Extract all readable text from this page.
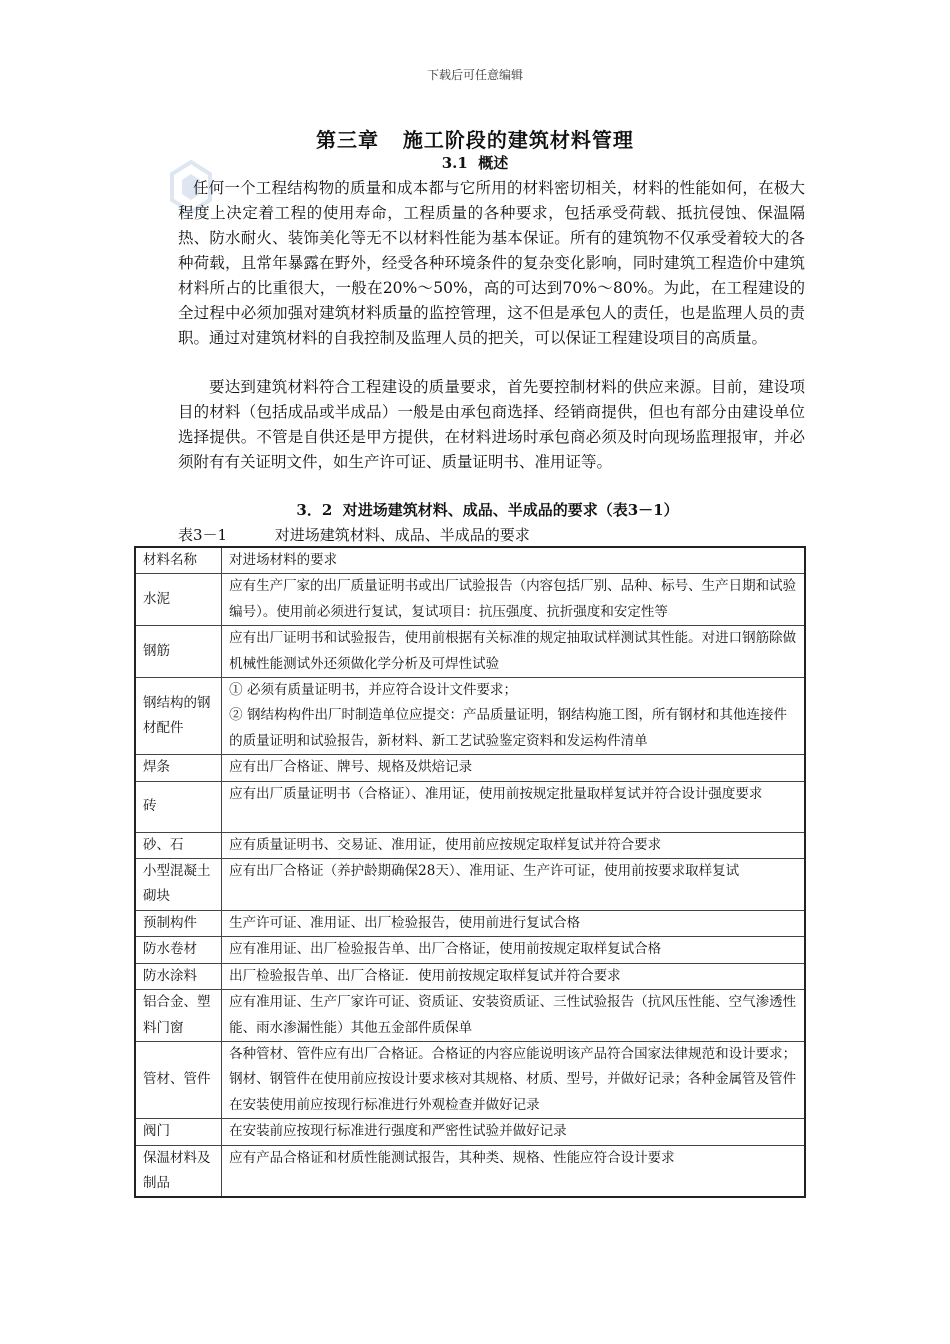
下载后可任意编辑
第三章   施工阶段的建筑材料管理
3.1  概述

任何一个工程结构物的质量和成本都与它所用的材料密切相关，材料的性能如何，在极大程度上决定着工程的使用寿命，工程质量的各种要求，包括承受荷载、抵抗侵蚀、保温隔热、防水耐火、装饰美化等无不以材料性能为基本保证。所有的建筑物不仅承受着较大的各种荷载，且常年暴露在野外，经受各种环境条件的复杂变化影响，同时建筑工程造价中建筑材料所占的比重很大，一般在20%～50%，高的可达到70%～80%。为此，在工程建设的全过程中必须加强对建筑材料质量的监控管理，这不但是承包人的责任，也是监理人员的责职。通过对建筑材料的自我控制及监理人员的把关，可以保证工程建设项目的高质量。

要达到建筑材料符合工程建设的质量要求，首先要控制材料的供应来源。目前，建设项目的材料（包括成品或半成品）一般是由承包商选择、经销商提供，但也有部分由建设单位选择提供。不管是自供还是甲方提供，在材料进场时承包商必须及时向现场监理报审，并必须附有有关证明文件，如生产许可证、质量证明书、准用证等。

3．2  对进场建筑材料、成品、半成品的要求（表3－1）
表3－1          对进场建筑材料、成品、半成品的要求
材料名称	对进场材料的要求
水泥	应有生产厂家的出厂质量证明书或出厂试验报告（内容包括厂别、品种、标号、生产日期和试验编号）。使用前必须进行复试，复试项目：抗压强度、抗折强度和安定性等
钢筋	应有出厂证明书和试验报告，使用前根据有关标准的规定抽取试样测试其性能。对进口钢筋除做机械性能测试外还须做化学分析及可焊性试验
钢结构的钢材配件	① 必须有质量证明书，并应符合设计文件要求；
② 钢结构构件出厂时制造单位应提交：产品质量证明，钢结构施工图，所有钢材和其他连接件的质量证明和试验报告，新材料、新工艺试验鉴定资料和发运构件清单
焊条	应有出厂合格证、牌号、规格及烘焙记录
砖	应有出厂质量证明书（合格证）、准用证，使用前按规定批量取样复试并符合设计强度要求
砂、石	应有质量证明书、交易证、准用证，使用前应按规定取样复试并符合要求
小型混凝土砌块	应有出厂合格证（养护龄期确保28天）、准用证、生产许可证，使用前按要求取样复试
预制构件	生产许可证、准用证、出厂检验报告，使用前进行复试合格
防水卷材	应有准用证、出厂检验报告单、出厂合格证，使用前按规定取样复试合格
防水涂料	出厂检验报告单、出厂合格证．使用前按规定取样复试并符合要求
铝合金、塑料门窗	应有准用证、生产厂家许可证、资质证、安装资质证、三性试验报告（抗风压性能、空气渗透性能、雨水渗漏性能）其他五金部件质保单
管材、管件	各种管材、管件应有出厂合格证。合格证的内容应能说明该产品符合国家法律规范和设计要求；钢材、钢管件在使用前应按设计要求核对其规格、材质、型号，并做好记录；各种金属管及管件在安装使用前应按现行标准进行外观检查并做好记录
阀门	在安装前应按现行标准进行强度和严密性试验并做好记录
保温材料及制品	应有产品合格证和材质性能测试报告，其种类、规格、性能应符合设计要求
